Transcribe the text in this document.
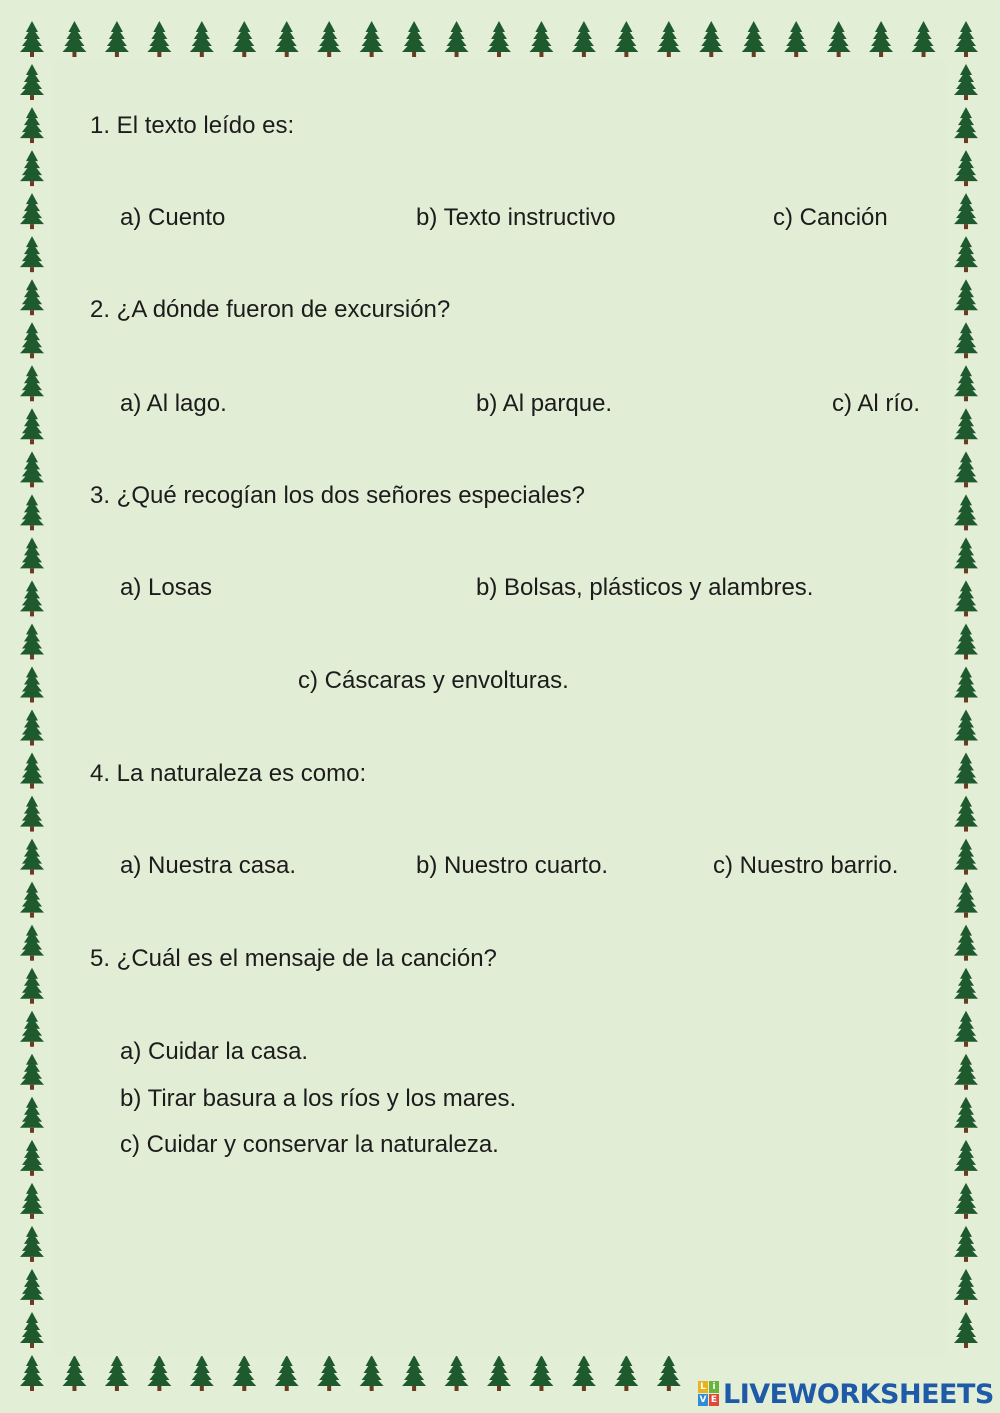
1. El texto leído es:

a) Cuento	b) Texto instructivo	c) Canción

2. ¿A dónde fueron de excursión?

a) Al lago.	b) Al parque.	c) Al río.

3. ¿Qué recogían los dos señores especiales?

a) Losas	b) Bolsas, plásticos y alambres.

c) Cáscaras y envolturas.

4. La naturaleza es como:

a) Nuestra casa.	b) Nuestro cuarto.	c) Nuestro barrio.

5. ¿Cuál es el mensaje de la canción?

a) Cuidar la casa.

b) Tirar basura a los ríos y los mares.

c) Cuidar y conservar la naturaleza.

L i
V E LIVEWORKSHEETS
